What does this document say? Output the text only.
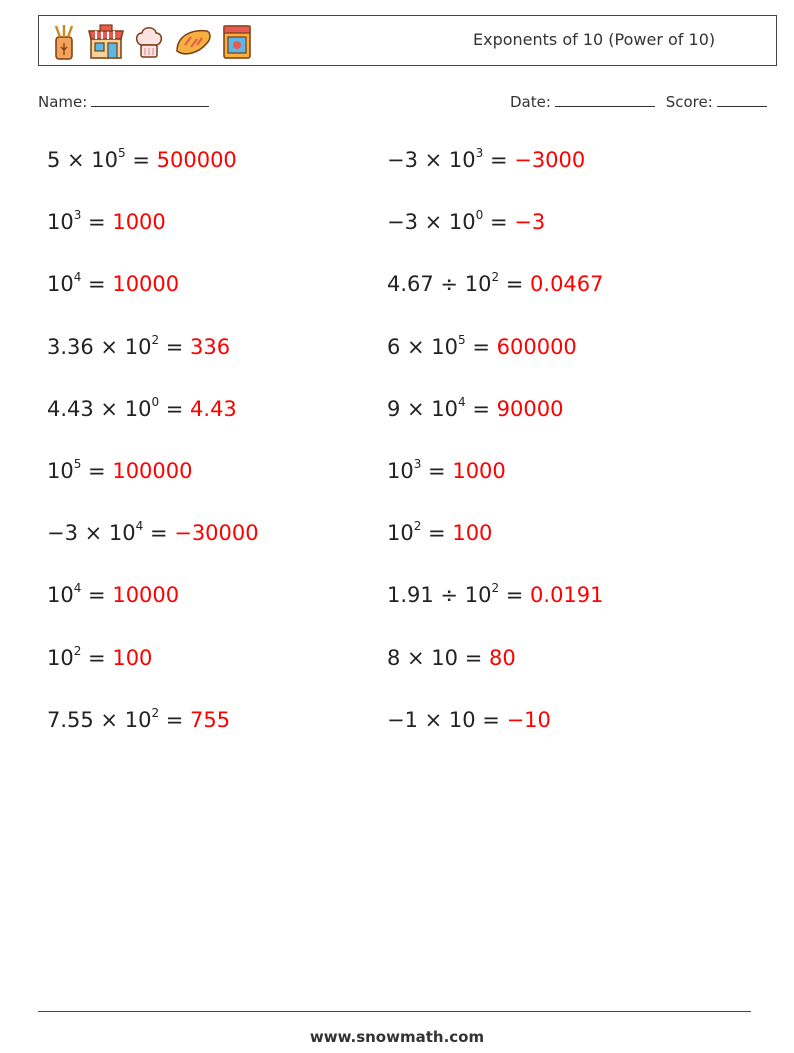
Exponents of 10 (Power of 10)
Name:	Date:	Score:
$5 \times 10^5 = 500000$	$-3 \times 10^3 = -3000$
$10^3 = 1000$	$-3 \times 10^0 = -3$
$10^4 = 10000$	$4.67 \div 10^2 = 0.0467$
$3.36 \times 10^2 = 336$	$6 \times 10^5 = 600000$
$4.43 \times 10^0 = 4.43$	$9 \times 10^4 = 90000$
$10^5 = 100000$	$10^3 = 1000$
$-3 \times 10^4 = -30000$	$10^2 = 100$
$10^4 = 10000$	$1.91 \div 10^2 = 0.0191$
$10^2 = 100$	8 × 10 = 80
$7.55 \times 10^2 = 755$	−1 × 10 = −10
www.snowmath.com
